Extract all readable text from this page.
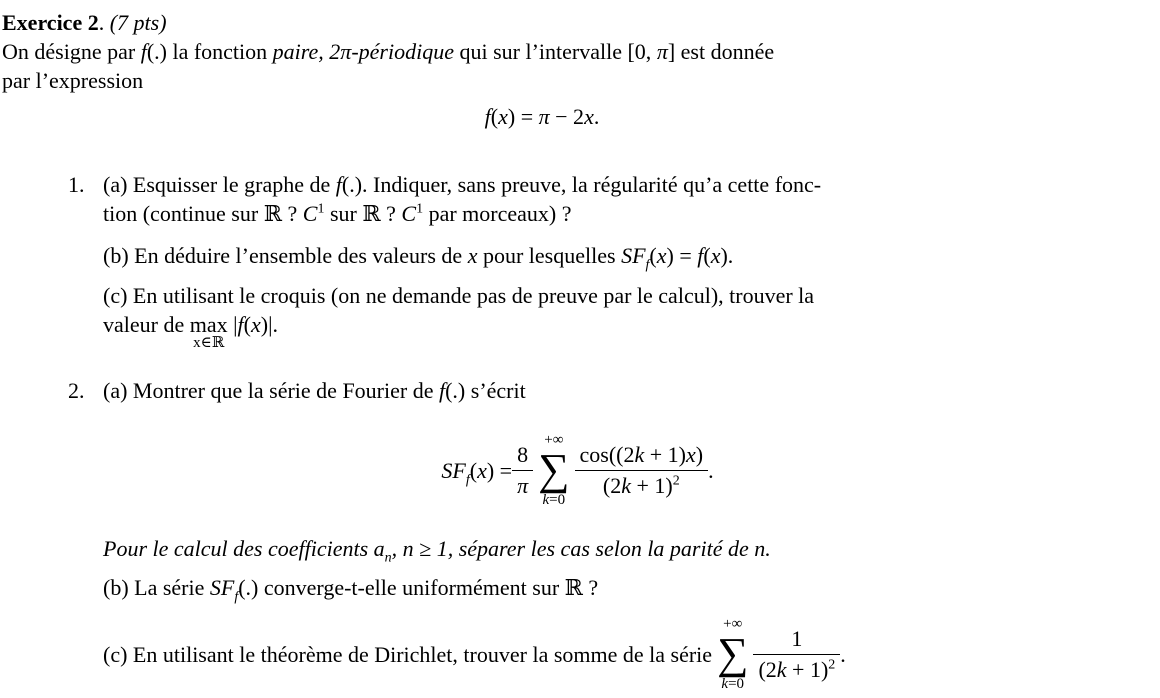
Exercice 2. (7 pts)
On désigne par f(.) la fonction paire, 2π-périodique qui sur l’intervalle [0, π] est donnée
par l’expression
f(x) = π − 2x.
1. (a) Esquisser le graphe de f(.). Indiquer, sans preuve, la régularité qu’a cette fonc-
tion (continue sur ℝ ? $C^1$ sur ℝ ? $C^1$ par morceaux) ?
(b) En déduire l’ensemble des valeurs de x pour lesquelles $SF_f(x) = f(x)$.
(c) En utilisant le croquis (on ne demande pas de preuve par le calcul), trouver la
valeur de max
x∈ℝ
|f(x)|.
2. (a) Montrer que la série de Fourier de f(.) s’écrit
$SF_f(x) = \frac{8}{\pi}$
+∞
∑
k=0
$\frac{\cos((2k + 1)x)}{(2k + 1)^2}$ .
Pour le calcul des coefficients $a_n$, n ≥ 1, séparer les cas selon la parité de n.
(b) La série $SF_f(.)$ converge-t-elle uniformément sur ℝ ?
(c) En utilisant le théorème de Dirichlet, trouver la somme de la série
+∞
∑
k=0
$\frac{1}{(2k + 1)^2}$ .
